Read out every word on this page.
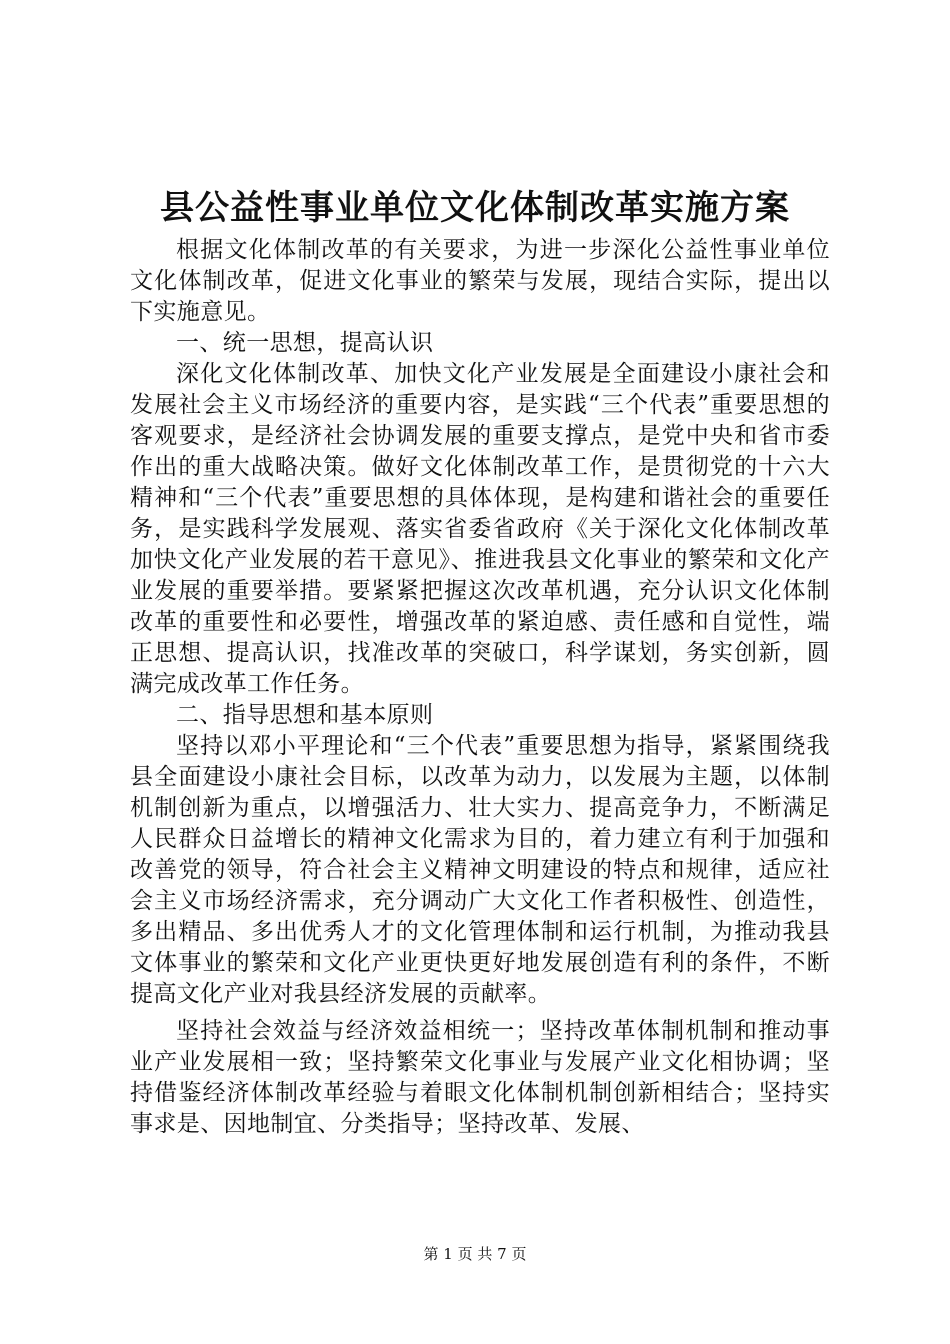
县公益性事业单位文化体制改革实施方案

根据文化体制改革的有关要求，为进一步深化公益性事业单位文化体制改革，促进文化事业的繁荣与发展，现结合实际，提出以下实施意见。

一、统一思想，提高认识

深化文化体制改革、加快文化产业发展是全面建设小康社会和发展社会主义市场经济的重要内容，是实践“三个代表”重要思想的客观要求，是经济社会协调发展的重要支撑点，是党中央和省市委作出的重大战略决策。做好文化体制改革工作，是贯彻党的十六大精神和“三个代表”重要思想的具体体现，是构建和谐社会的重要任务，是实践科学发展观、落实省委省政府《关于深化文化体制改革加快文化产业发展的若干意见》、推进我县文化事业的繁荣和文化产业发展的重要举措。要紧紧把握这次改革机遇，充分认识文化体制改革的重要性和必要性，增强改革的紧迫感、责任感和自觉性，端正思想、提高认识，找准改革的突破口，科学谋划，务实创新，圆满完成改革工作任务。

二、指导思想和基本原则

坚持以邓小平理论和“三个代表”重要思想为指导，紧紧围绕我县全面建设小康社会目标，以改革为动力，以发展为主题，以体制机制创新为重点，以增强活力、壮大实力、提高竞争力，不断满足人民群众日益增长的精神文化需求为目的，着力建立有利于加强和改善党的领导，符合社会主义精神文明建设的特点和规律，适应社会主义市场经济需求，充分调动广大文化工作者积极性、创造性，多出精品、多出优秀人才的文化管理体制和运行机制，为推动我县文体事业的繁荣和文化产业更快更好地发展创造有利的条件，不断提高文化产业对我县经济发展的贡献率。

坚持社会效益与经济效益相统一；坚持改革体制机制和推动事业产业发展相一致；坚持繁荣文化事业与发展产业文化相协调；坚持借鉴经济体制改革经验与着眼文化体制机制创新相结合；坚持实事求是、因地制宜、分类指导；坚持改革、发展、

第 1 页 共 7 页
